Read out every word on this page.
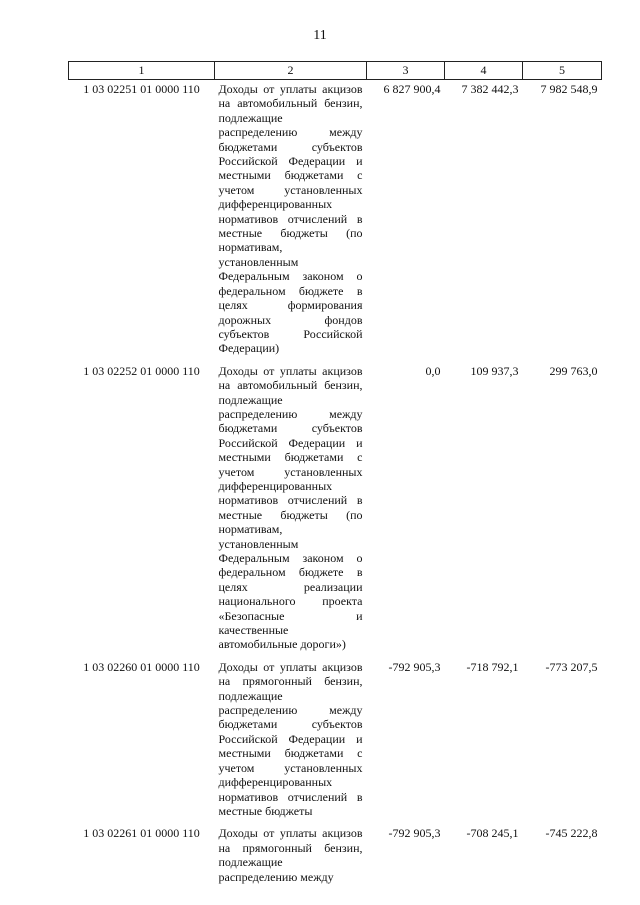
11
1	2	3	4	5
1 03 02251 01 0000 110	Доходы от уплаты акцизов на автомобильный бензин, подлежащие распределению между бюджетами субъектов Российской Федерации и местными бюджетами с учетом установленных дифференцированных нормативов отчислений в местные бюджеты (по нормативам, установленным Федеральным законом о федеральном бюджете в целях формирования дорожных фондов субъектов Российской Федерации)	6 827 900,4	7 382 442,3	7 982 548,9
1 03 02252 01 0000 110	Доходы от уплаты акцизов на автомобильный бензин, подлежащие распределению между бюджетами субъектов Российской Федерации и местными бюджетами с учетом установленных дифференцированных нормативов отчислений в местные бюджеты (по нормативам, установленным Федеральным законом о федеральном бюджете в целях реализации национального проекта «Безопасные и качественные автомобильные дороги»)	0,0	109 937,3	299 763,0
1 03 02260 01 0000 110	Доходы от уплаты акцизов на прямогонный бензин, подлежащие распределению между бюджетами субъектов Российской Федерации и местными бюджетами с учетом установленных дифференцированных нормативов отчислений в местные бюджеты	-792 905,3	-718 792,1	-773 207,5
1 03 02261 01 0000 110	Доходы от уплаты акцизов на прямогонный бензин, подлежащие распределению между	-792 905,3	-708 245,1	-745 222,8
